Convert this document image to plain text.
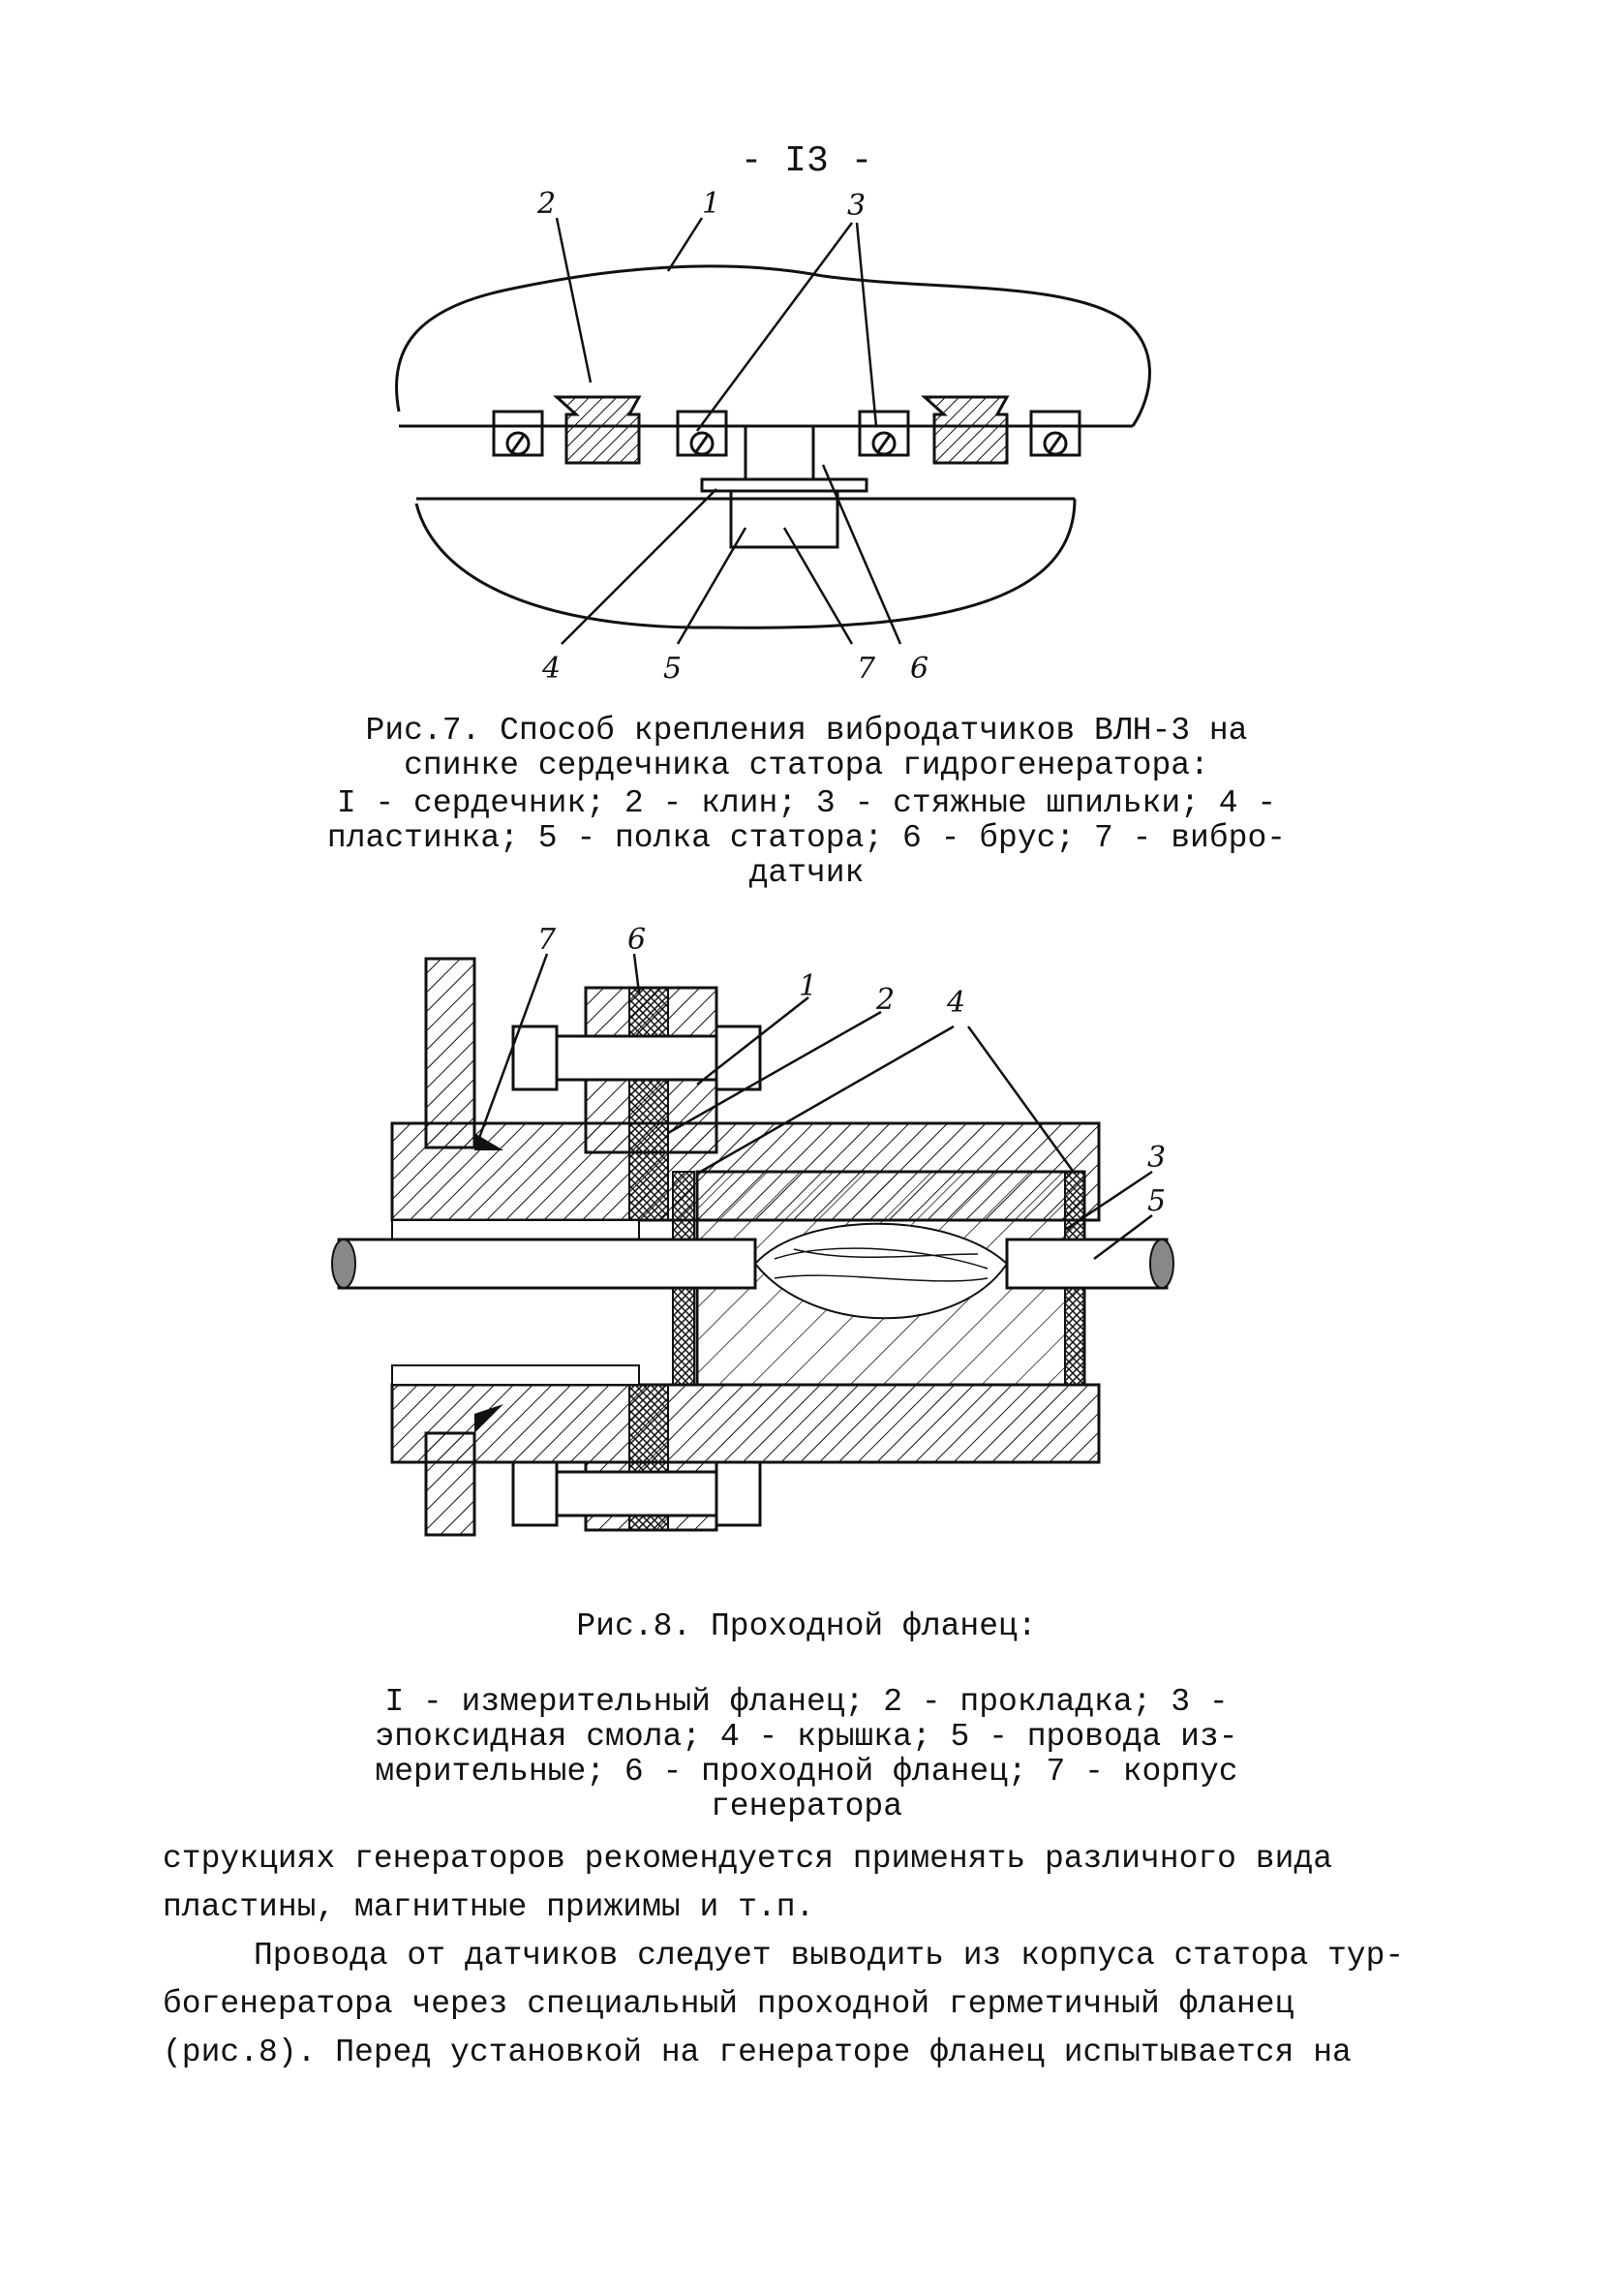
- I3 -
2	1	3
4	5	7 6
Рис.7. Способ крепления вибродатчиков ВЛН-3 на
спинке сердечника статора гидрогенератора:
I - сердечник; 2 - клин; 3 - стяжные шпильки; 4 -
пластинка; 5 - полка статора; 6 - брус; 7 - вибро-
датчик
7 6
1 2 4
3
5
Рис.8. Проходной фланец:
I - измерительный фланец; 2 - прокладка; 3 -
эпоксидная смола; 4 - крышка; 5 - провода из-
мерительные; 6 - проходной фланец; 7 - корпус
генератора
струкциях генераторов рекомендуется применять различного вида
пластины, магнитные прижимы и т.п.
Провода от датчиков следует выводить из корпуса статора тур-
богенератора через специальный проходной герметичный фланец
(рис.8). Перед установкой на генераторе фланец испытывается на
